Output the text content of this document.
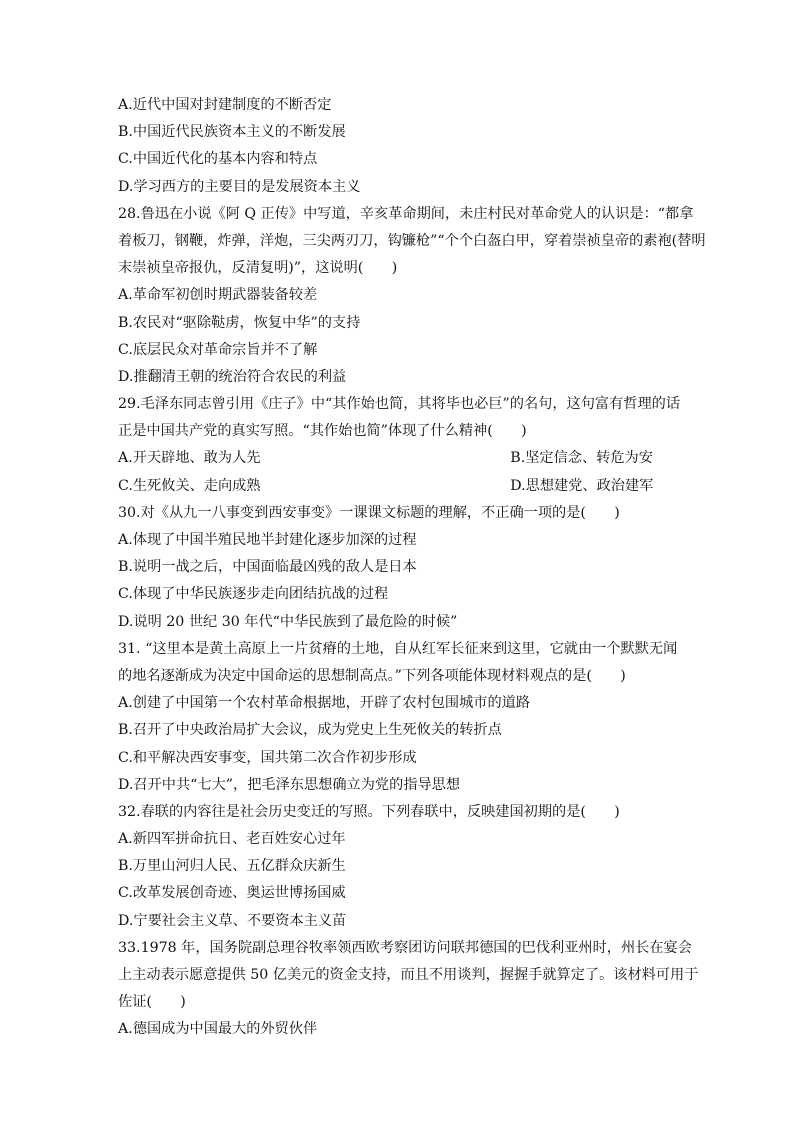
A.近代中国对封建制度的不断否定
B.中国近代民族资本主义的不断发展
C.中国近代化的基本内容和特点
D.学习西方的主要目的是发展资本主义
28.鲁迅在小说《阿 Q 正传》中写道，辛亥革命期间，未庄村民对革命党人的认识是：“都拿
着板刀，钢鞭，炸弹，洋炮，三尖两刃刀，钩镰枪”“个个白盔白甲，穿着崇祯皇帝的素袍(替明
末崇祯皇帝报仇，反清复明)”，这说明(　　)
A.革命军初创时期武器装备较差
B.农民对“驱除鞑虏，恢复中华”的支持
C.底层民众对革命宗旨并不了解
D.推翻清王朝的统治符合农民的利益
29.毛泽东同志曾引用《庄子》中“其作始也简，其将毕也必巨”的名句，这句富有哲理的话
正是中国共产党的真实写照。“其作始也简”体现了什么精神(　　)
A.开天辟地、敢为人先	B.坚定信念、转危为安
C.生死攸关、走向成熟	D.思想建党、政治建军
30.对《从九一八事变到西安事变》一课课文标题的理解，不正确一项的是(　　)
A.体现了中国半殖民地半封建化逐步加深的过程
B.说明一战之后，中国面临最凶残的敌人是日本
C.体现了中华民族逐步走向团结抗战的过程
D.说明 20 世纪 30 年代“中华民族到了最危险的时候”
31. “这里本是黄土高原上一片贫瘠的土地，自从红军长征来到这里，它就由一个默默无闻
的地名逐渐成为决定中国命运的思想制高点。”下列各项能体现材料观点的是(　　)
A.创建了中国第一个农村革命根据地，开辟了农村包围城市的道路
B.召开了中央政治局扩大会议，成为党史上生死攸关的转折点
C.和平解决西安事变，国共第二次合作初步形成
D.召开中共“七大”，把毛泽东思想确立为党的指导思想
32.春联的内容往是社会历史变迁的写照。下列春联中，反映建国初期的是(　　)
A.新四军拼命抗日、老百姓安心过年
B.万里山河归人民、五亿群众庆新生
C.改革发展创奇迹、奥运世博扬国威
D.宁要社会主义草、不要资本主义苗
33.1978 年，国务院副总理谷牧率领西欧考察团访问联邦德国的巴伐利亚州时，州长在宴会
上主动表示愿意提供 50 亿美元的资金支持，而且不用谈判，握握手就算定了。该材料可用于
佐证(　　)
A.德国成为中国最大的外贸伙伴
